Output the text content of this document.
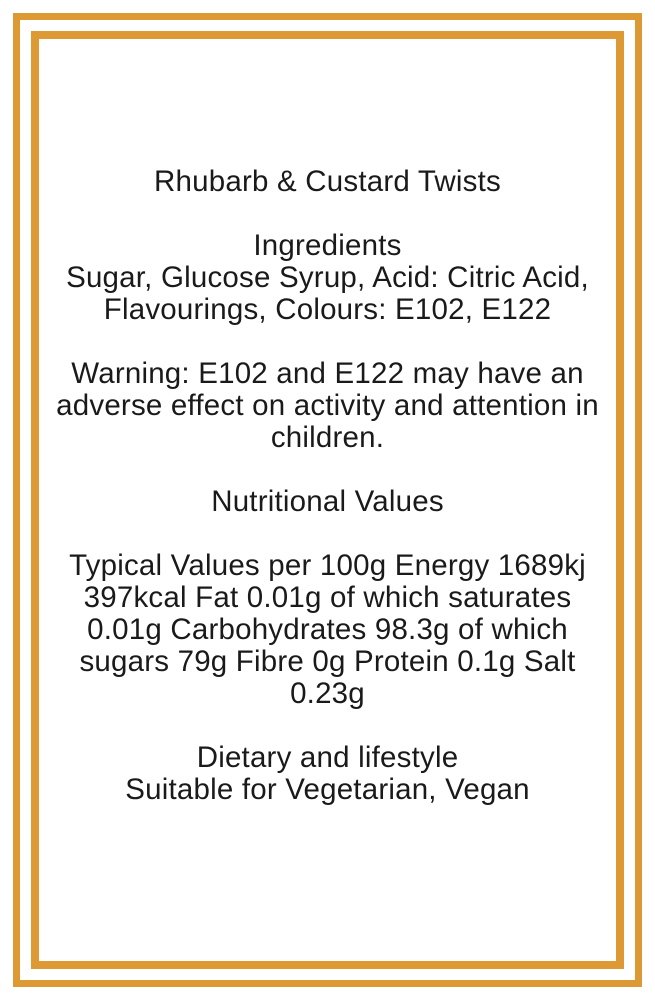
Rhubarb & Custard Twists
Ingredients
Sugar, Glucose Syrup, Acid: Citric Acid,
Flavourings, Colours: E102, E122
Warning: E102 and E122 may have an
adverse effect on activity and attention in
children.
Nutritional Values
Typical Values per 100g Energy 1689kj
397kcal Fat 0.01g of which saturates
0.01g Carbohydrates 98.3g of which
sugars 79g Fibre 0g Protein 0.1g Salt
0.23g
Dietary and lifestyle
Suitable for Vegetarian, Vegan
